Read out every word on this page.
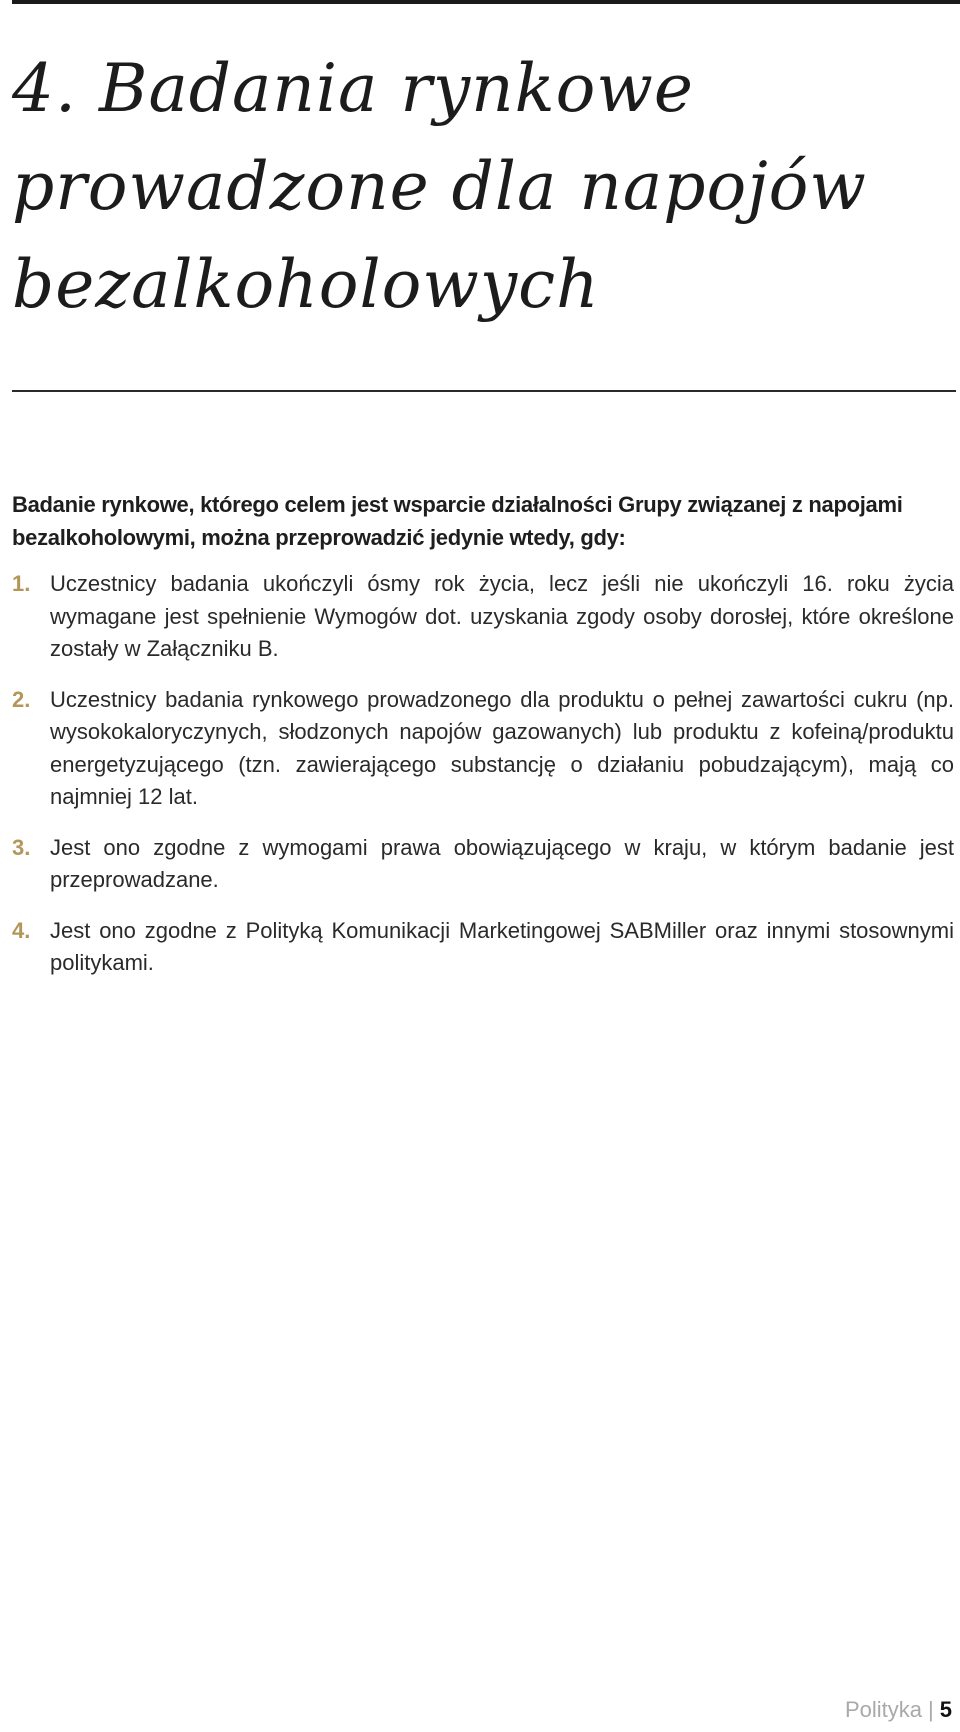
4. Badania rynkowe
prowadzone dla napojów
bezalkoholowych

Badanie rynkowe, którego celem jest wsparcie działalności Grupy związanej z napojami bezalkoholowymi, można przeprowadzić jedynie wtedy, gdy:

1. Uczestnicy badania ukończyli ósmy rok życia, lecz jeśli nie ukończyli 16. roku życia wymagane jest spełnienie Wymogów dot. uzyskania zgody osoby dorosłej, które określone zostały w Załączniku B.
2. Uczestnicy badania rynkowego prowadzonego dla produktu o pełnej zawartości cukru (np. wysokokaloryczynych, słodzonych napojów gazowanych) lub produktu z kofeiną/produktu energetyzującego (tzn. zawierającego substancję o działaniu pobudzającym), mają co najmniej 12 lat.
3. Jest ono zgodne z wymogami prawa obowiązującego w kraju, w którym badanie jest przeprowadzane.
4. Jest ono zgodne z Polityką Komunikacji Marketingowej SABMiller oraz innymi stosownymi politykami.
Polityka | 5
